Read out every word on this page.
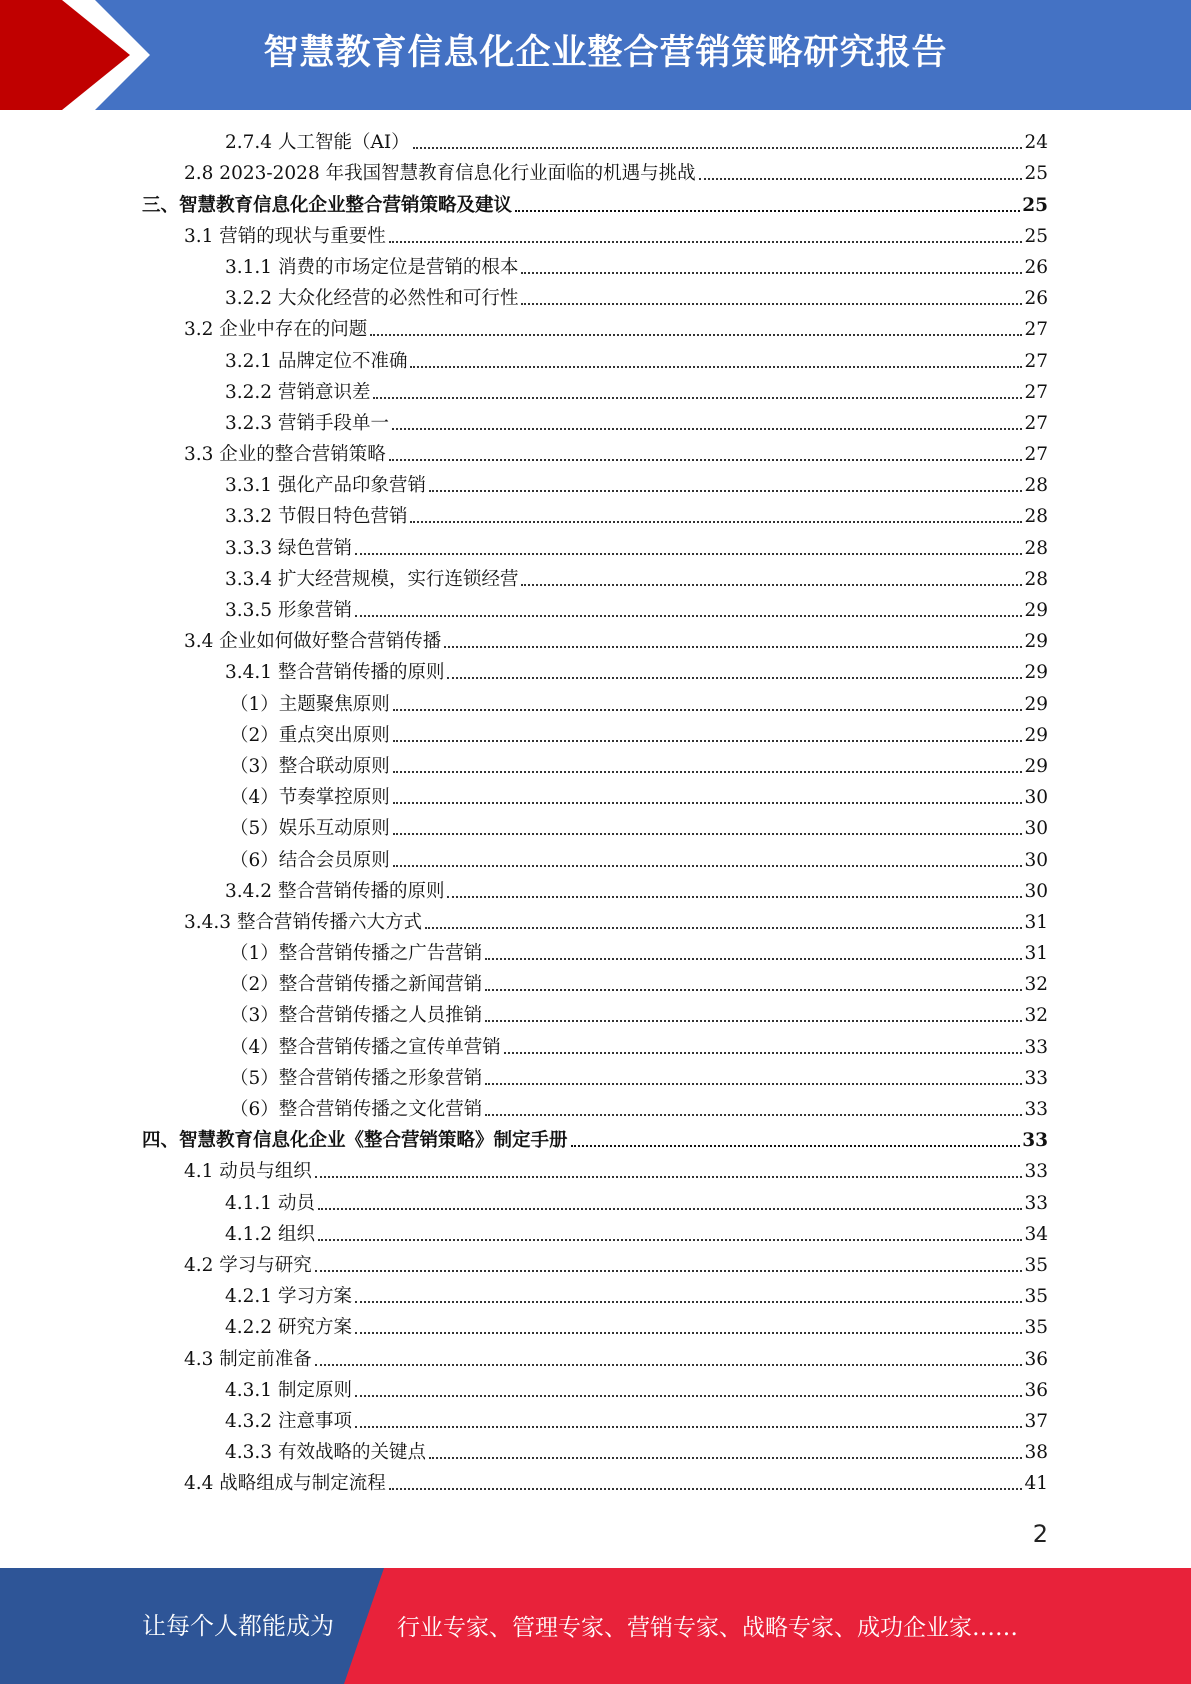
智慧教育信息化企业整合营销策略研究报告
2.7.4 人工智能（AI）	24
2.8 2023-2028 年我国智慧教育信息化行业面临的机遇与挑战	25
三、智慧教育信息化企业整合营销策略及建议	25
3.1 营销的现状与重要性	25
3.1.1 消费的市场定位是营销的根本	26
3.2.2 大众化经营的必然性和可行性	26
3.2 企业中存在的问题	27
3.2.1 品牌定位不准确	27
3.2.2 营销意识差	27
3.2.3 营销手段单一	27
3.3 企业的整合营销策略	27
3.3.1 强化产品印象营销	28
3.3.2 节假日特色营销	28
3.3.3 绿色营销	28
3.3.4 扩大经营规模，实行连锁经营	28
3.3.5 形象营销	29
3.4 企业如何做好整合营销传播	29
3.4.1 整合营销传播的原则	29
（1）主题聚焦原则	29
（2）重点突出原则	29
（3）整合联动原则	29
（4）节奏掌控原则	30
（5）娱乐互动原则	30
（6）结合会员原则	30
3.4.2 整合营销传播的原则	30
3.4.3 整合营销传播六大方式	31
（1）整合营销传播之广告营销	31
（2）整合营销传播之新闻营销	32
（3）整合营销传播之人员推销	32
（4）整合营销传播之宣传单营销	33
（5）整合营销传播之形象营销	33
（6）整合营销传播之文化营销	33
四、智慧教育信息化企业《整合营销策略》制定手册	33
4.1 动员与组织	33
4.1.1 动员	33
4.1.2 组织	34
4.2 学习与研究	35
4.2.1 学习方案	35
4.2.2 研究方案	35
4.3 制定前准备	36
4.3.1 制定原则	36
4.3.2 注意事项	37
4.3.3 有效战略的关键点	38
4.4 战略组成与制定流程	41
2
让每个人都能成为	行业专家、管理专家、营销专家、战略专家、成功企业家……
